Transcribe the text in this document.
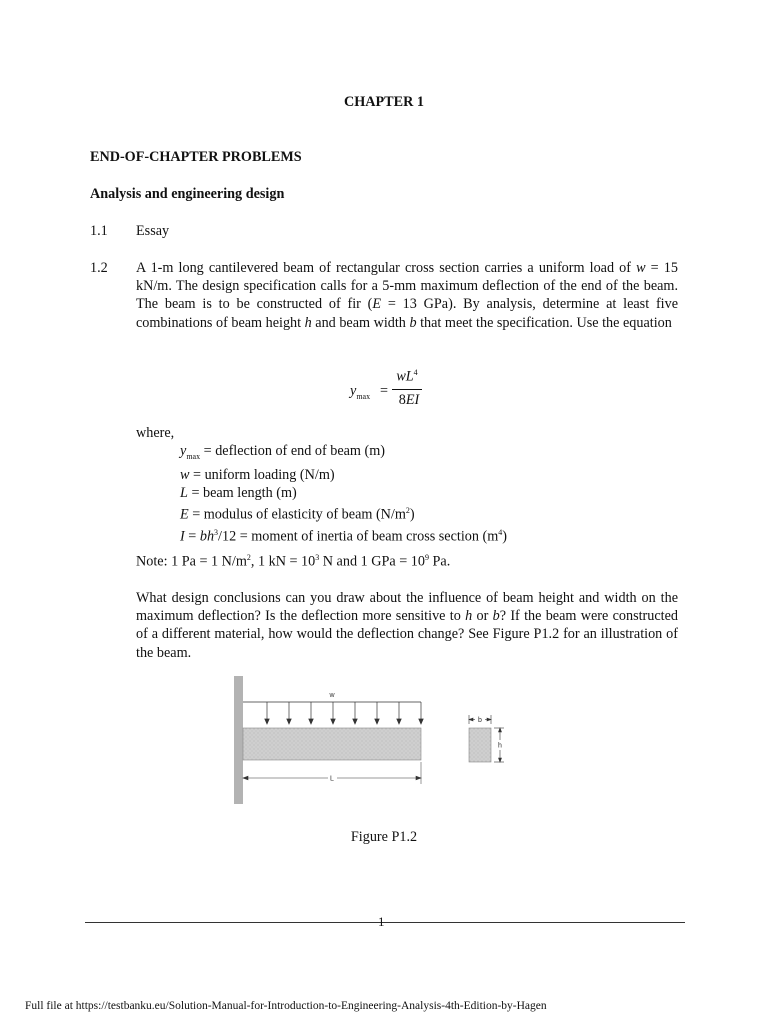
CHAPTER 1
END-OF-CHAPTER PROBLEMS
Analysis and engineering design
1.1 Essay
1.2 A 1-m long cantilevered beam of rectangular cross section carries a uniform load of w = 15 kN/m. The design specification calls for a 5-mm maximum deflection of the end of the beam. The beam is to be constructed of fir (E = 13 GPa). By analysis, determine at least five combinations of beam height h and beam width b that meet the specification. Use the equation
$y_{max}$ =
$wL^4$
8EI
where,
$y_{max}$ = deflection of end of beam (m)
w = uniform loading (N/m)
L = beam length (m)
E = modulus of elasticity of beam $(N/m^2)$
$I = bh^3/12$ = moment of inertia of beam cross section $(m^4)$
Note: 1 Pa = 1 $N/m^2$, 1 kN = $10^3$ N and 1 GPa = $10^9$ Pa.
What design conclusions can you draw about the influence of beam height and width on the maximum deflection? Is the deflection more sensitive to h or b? If the beam were constructed of a different material, how would the deflection change? See Figure P1.2 for an illustration of the beam.
w
L
b
h
Figure P1.2
1
Full file at https://testbanku.eu/Solution-Manual-for-Introduction-to-Engineering-Analysis-4th-Edition-by-Hagen
